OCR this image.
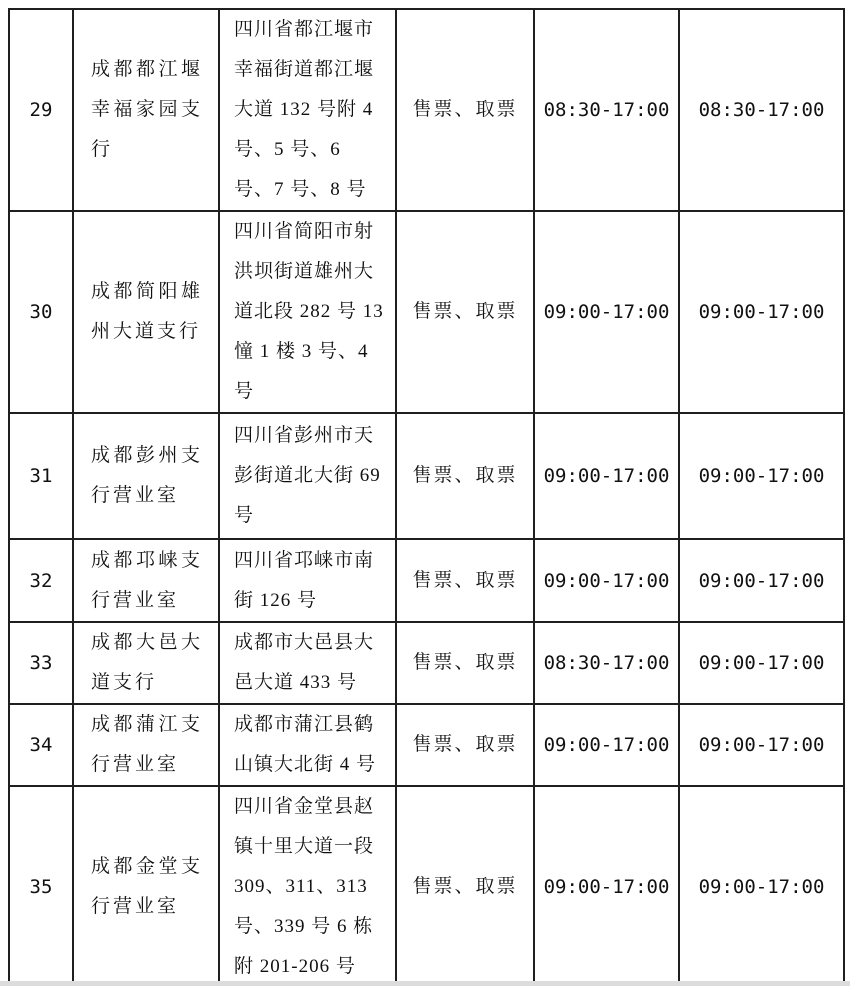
29	成都都江堰幸福家园支行	四川省都江堰市幸福街道都江堰大道 132 号附 4 号、5 号、6 号、7 号、8 号	售票、取票	08:30-17:00	08:30-17:00
30	成都简阳雄州大道支行	四川省简阳市射洪坝街道雄州大道北段 282 号 13 憧 1 楼 3 号、4 号	售票、取票	09:00-17:00	09:00-17:00
31	成都彭州支行营业室	四川省彭州市天彭街道北大街 69 号	售票、取票	09:00-17:00	09:00-17:00
32	成都邛崃支行营业室	四川省邛崃市南街 126 号	售票、取票	09:00-17:00	09:00-17:00
33	成都大邑大道支行	成都市大邑县大邑大道 433 号	售票、取票	08:30-17:00	09:00-17:00
34	成都蒲江支行营业室	成都市蒲江县鹤山镇大北街 4 号	售票、取票	09:00-17:00	09:00-17:00
35	成都金堂支行营业室	四川省金堂县赵镇十里大道一段 309、311、313 号、339 号 6 栋附 201-206 号	售票、取票	09:00-17:00	09:00-17:00
